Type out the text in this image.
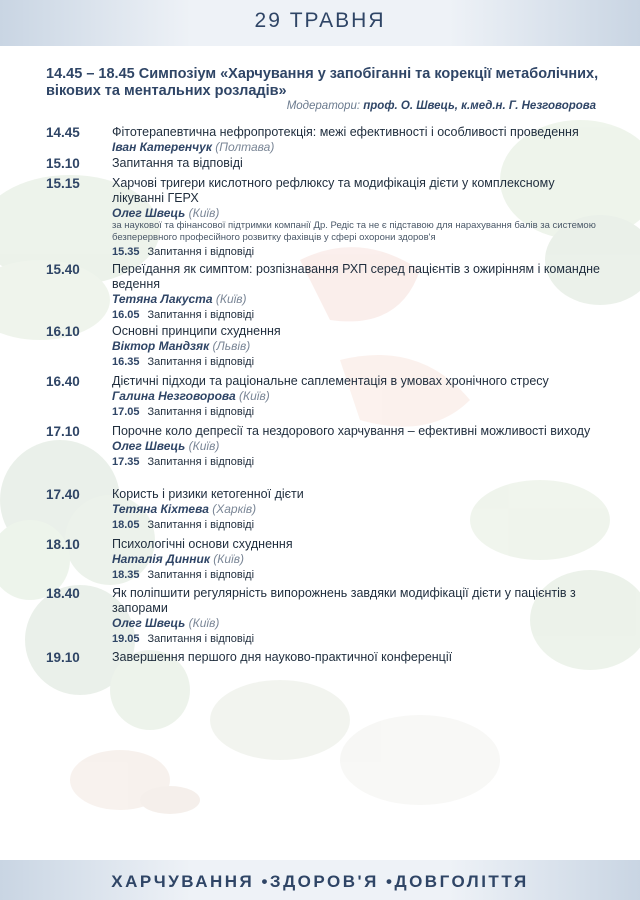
29 ТРАВНЯ
14.45 – 18.45 Симпозіум «Харчування у запобіганні та корекції метаболічних, вікових та ментальних розладів»
Модератори: проф. О. Швець, к.мед.н. Г. Незговорова
14.45	Фітотерапевтична нефропротекція: межі ефективності і особливості проведення
Іван Катеренчук (Полтава)
15.10	Запитання та відповіді
15.15	Харчові тригери кислотного рефлюксу та модифікація дієти у комплексному лікуванні ГЕРХ
Олег Швець (Київ)
за наукової та фінансової підтримки компанії Др. Редіс та не є підставою для нарахування балів за системою безперервного професійного розвитку фахівців у сфері охорони здоров'я
15.35 Запитання і відповіді
15.40	Переїдання як симптом: розпізнавання РХП серед пацієнтів з ожирінням і командне ведення
Тетяна Лакуста (Київ)
16.05 Запитання і відповіді
16.10	Основні принципи схуднення
Віктор Мандзяк (Львів)
16.35 Запитання і відповіді
16.40	Дієтичні підходи та раціональне саплементація в умовах хронічного стресу
Галина Незговорова (Київ)
17.05 Запитання і відповіді
17.10	Порочне коло депресії та нездорового харчування – ефективні можливості виходу
Олег Швець (Київ)
17.35 Запитання і відповіді
17.40	Користь і ризики кетогенної дієти
Тетяна Кіхтева (Харків)
18.05 Запитання і відповіді
18.10	Психологічні основи схуднення
Наталія Динник (Київ)
18.35 Запитання і відповіді
18.40	Як поліпшити регулярність випорожнень завдяки модифікації дієти у пацієнтів з запорами
Олег Швець (Київ)
19.05 Запитання і відповіді
19.10	Завершення першого дня науково-практичної конференції
ХАРЧУВАННЯ •ЗДОРОВ'Я •ДОВГОЛІТТЯ
